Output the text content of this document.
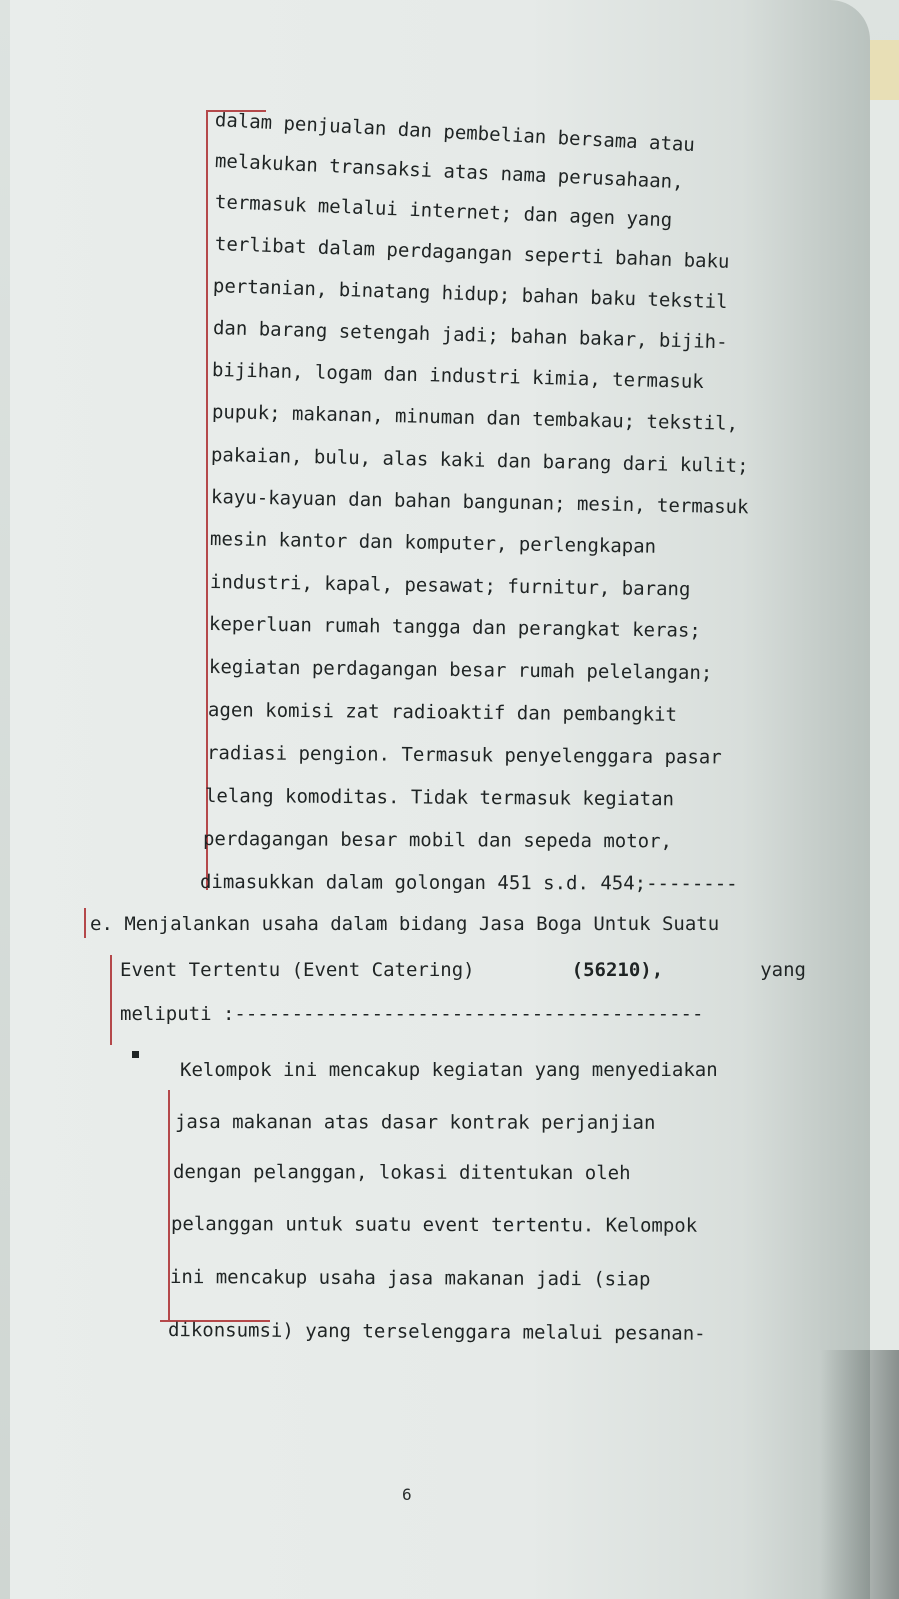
dalam penjualan dan pembelian bersama atau
melakukan transaksi atas nama perusahaan,
termasuk melalui internet; dan agen yang
terlibat dalam perdagangan seperti bahan baku
pertanian, binatang hidup; bahan baku tekstil
dan barang setengah jadi; bahan bakar, bijih-
bijihan, logam dan industri kimia, termasuk
pupuk; makanan, minuman dan tembakau; tekstil,
pakaian, bulu, alas kaki dan barang dari kulit;
kayu-kayuan dan bahan bangunan; mesin, termasuk
mesin kantor dan komputer, perlengkapan
industri, kapal, pesawat; furnitur, barang
keperluan rumah tangga dan perangkat keras;
kegiatan perdagangan besar rumah pelelangan;
agen komisi zat radioaktif dan pembangkit
radiasi pengion. Termasuk penyelenggara pasar
lelang komoditas. Tidak termasuk kegiatan
perdagangan besar mobil dan sepeda motor,
dimasukkan dalam golongan 451 s.d. 454;--------
e. Menjalankan usaha dalam bidang Jasa Boga Untuk Suatu
Event Tertentu (Event Catering)	(56210),	yang
meliputi :-----------------------------------------
Kelompok ini mencakup kegiatan yang menyediakan
jasa makanan atas dasar kontrak perjanjian
dengan pelanggan, lokasi ditentukan oleh
pelanggan untuk suatu event tertentu. Kelompok
ini mencakup usaha jasa makanan jadi (siap
dikonsumsi) yang terselenggara melalui pesanan-
6
